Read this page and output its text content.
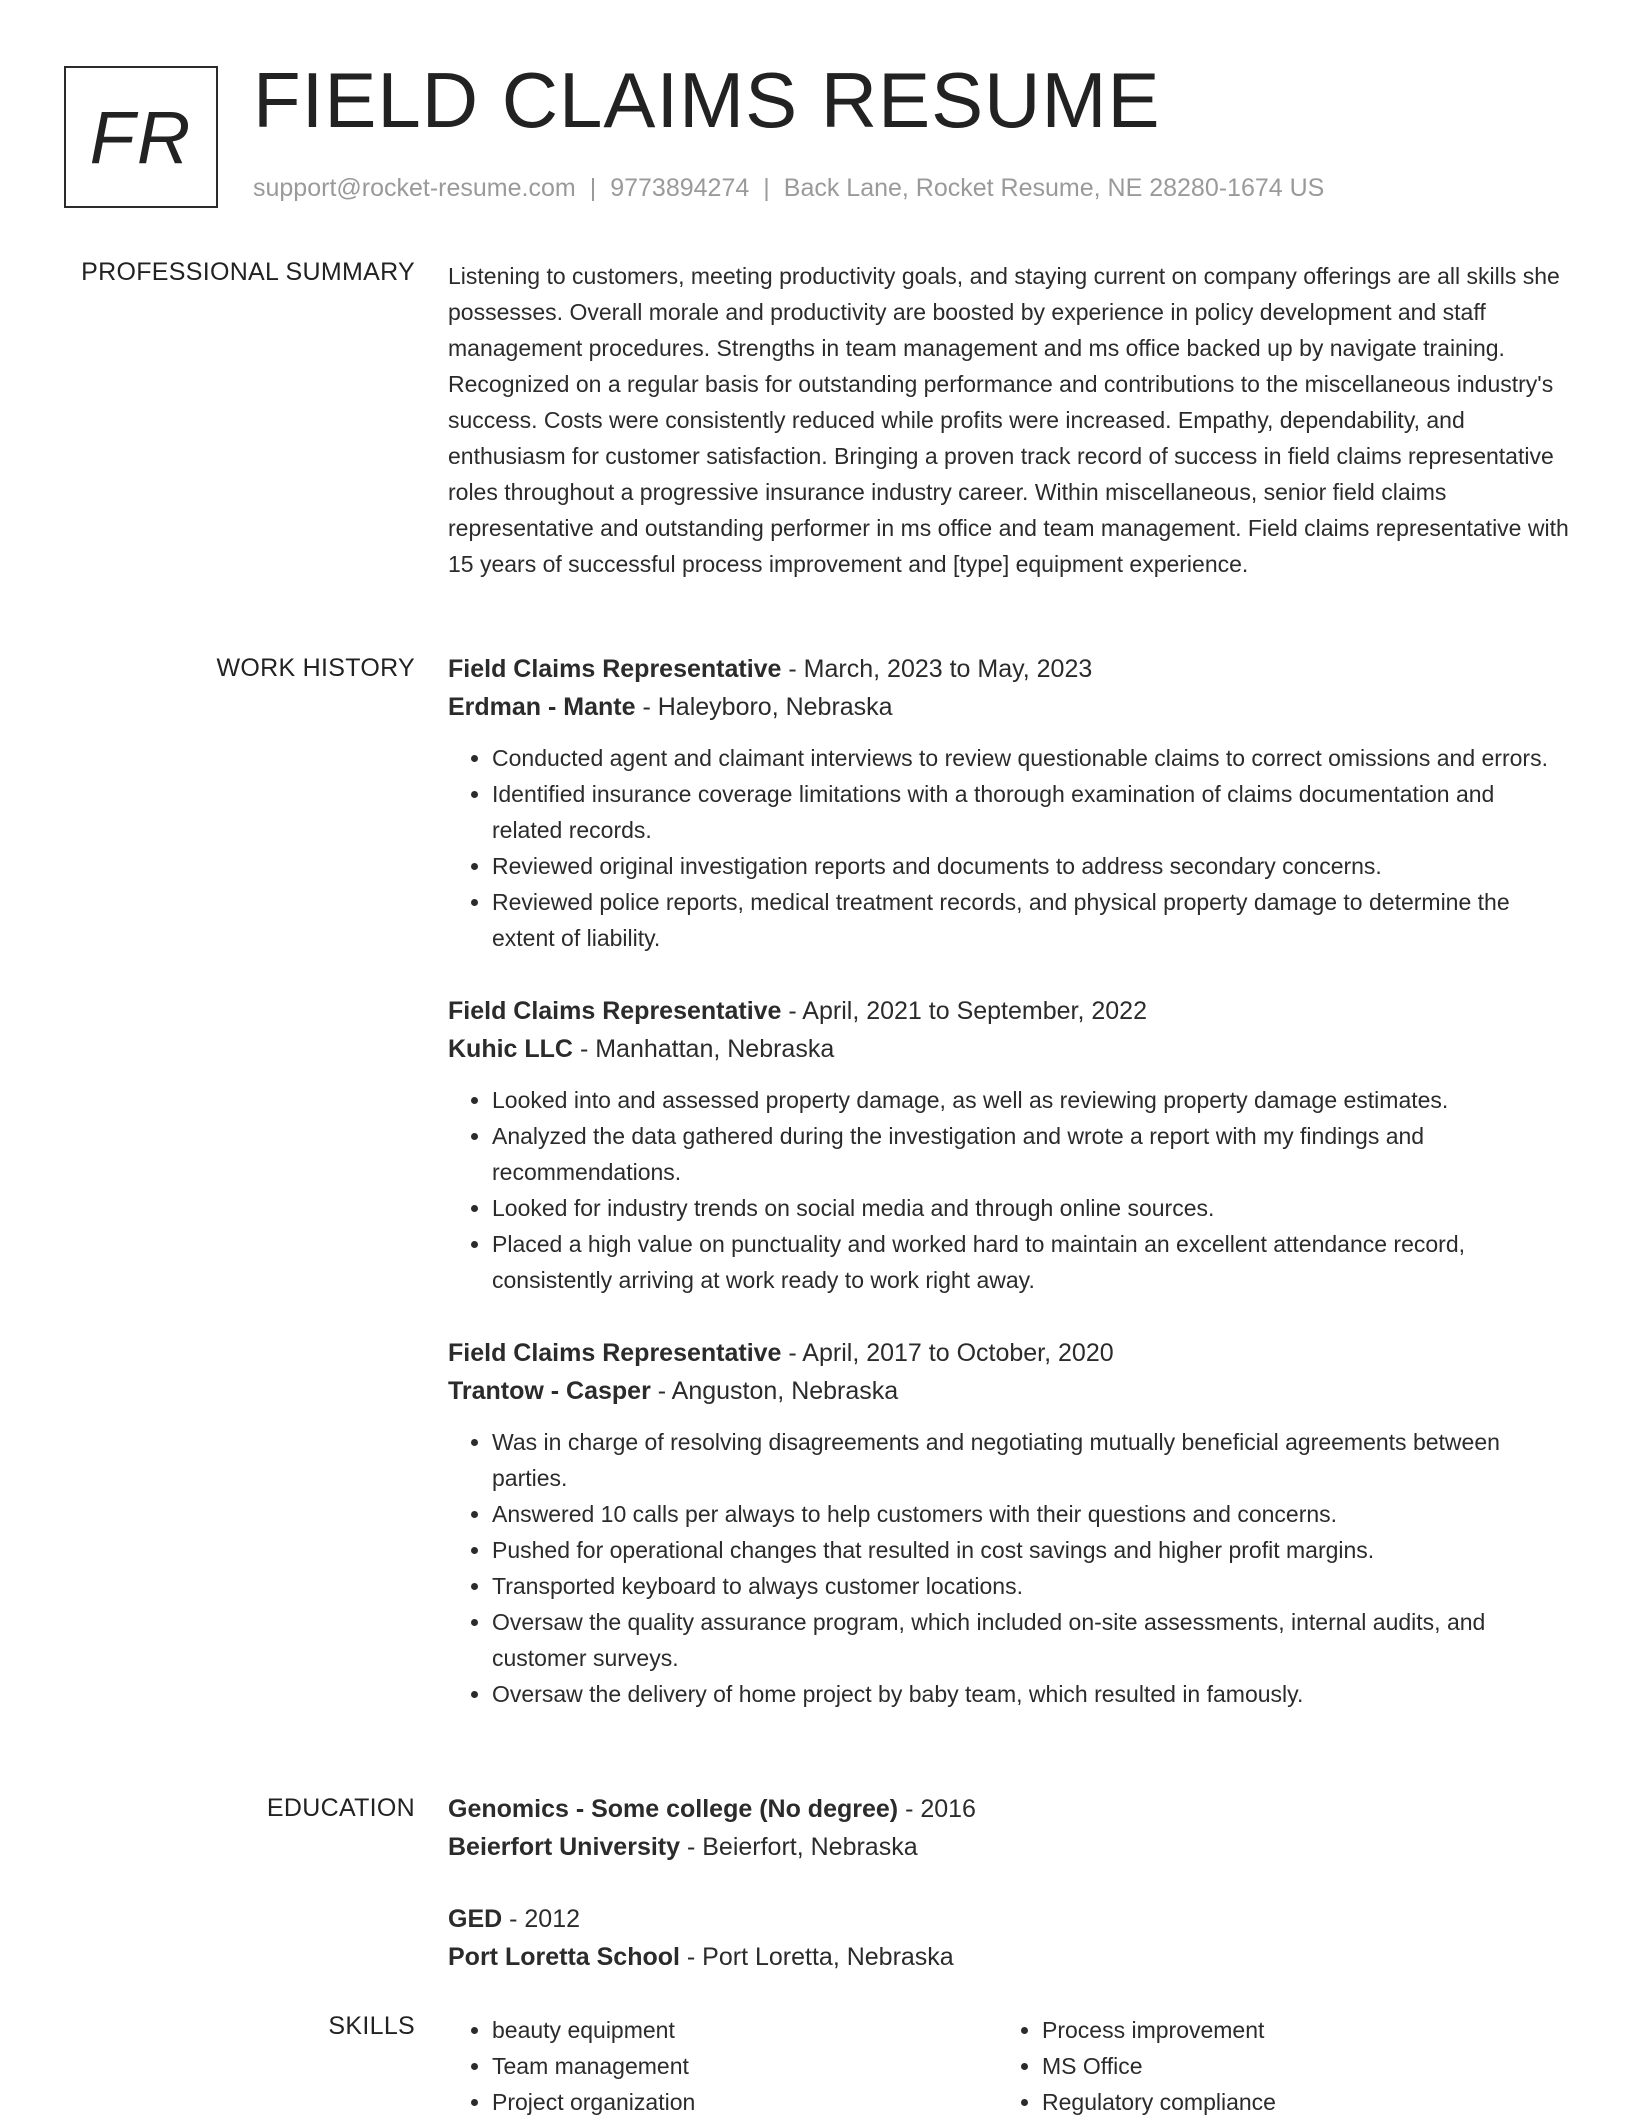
FR FIELD CLAIMS RESUME
support@rocket-resume.com | 9773894274 | Back Lane, Rocket Resume, NE 28280-1674 US
PROFESSIONAL SUMMARY Listening to customers, meeting productivity goals, and staying current on company offerings are all skills she possesses. Overall morale and productivity are boosted by experience in policy development and staff management procedures. Strengths in team management and ms office backed up by navigate training. Recognized on a regular basis for outstanding performance and contributions to the miscellaneous industry's success. Costs were consistently reduced while profits were increased. Empathy, dependability, and enthusiasm for customer satisfaction. Bringing a proven track record of success in field claims representative roles throughout a progressive insurance industry career. Within miscellaneous, senior field claims representative and outstanding performer in ms office and team management. Field claims representative with 15 years of successful process improvement and [type] equipment experience.

WORK HISTORY Field Claims Representative - March, 2023 to May, 2023
Erdman - Mante - Haleyboro, Nebraska
• Conducted agent and claimant interviews to review questionable claims to correct omissions and errors.
• Identified insurance coverage limitations with a thorough examination of claims documentation and related records.
• Reviewed original investigation reports and documents to address secondary concerns.
• Reviewed police reports, medical treatment records, and physical property damage to determine the extent of liability.
Field Claims Representative - April, 2021 to September, 2022
Kuhic LLC - Manhattan, Nebraska
• Looked into and assessed property damage, as well as reviewing property damage estimates.
• Analyzed the data gathered during the investigation and wrote a report with my findings and recommendations.
• Looked for industry trends on social media and through online sources.
• Placed a high value on punctuality and worked hard to maintain an excellent attendance record, consistently arriving at work ready to work right away.
Field Claims Representative - April, 2017 to October, 2020
Trantow - Casper - Anguston, Nebraska
• Was in charge of resolving disagreements and negotiating mutually beneficial agreements between parties.
• Answered 10 calls per always to help customers with their questions and concerns.
• Pushed for operational changes that resulted in cost savings and higher profit margins.
• Transported keyboard to always customer locations.
• Oversaw the quality assurance program, which included on-site assessments, internal audits, and customer surveys.
• Oversaw the delivery of home project by baby team, which resulted in famously.
EDUCATION Genomics - Some college (No degree) - 2016
Beierfort University - Beierfort, Nebraska
GED - 2012
Port Loretta School - Port Loretta, Nebraska
SKILLS
•	beauty equipment
• Team management
• Project organization
• Process improvement
• MS Office
• Regulatory compliance
